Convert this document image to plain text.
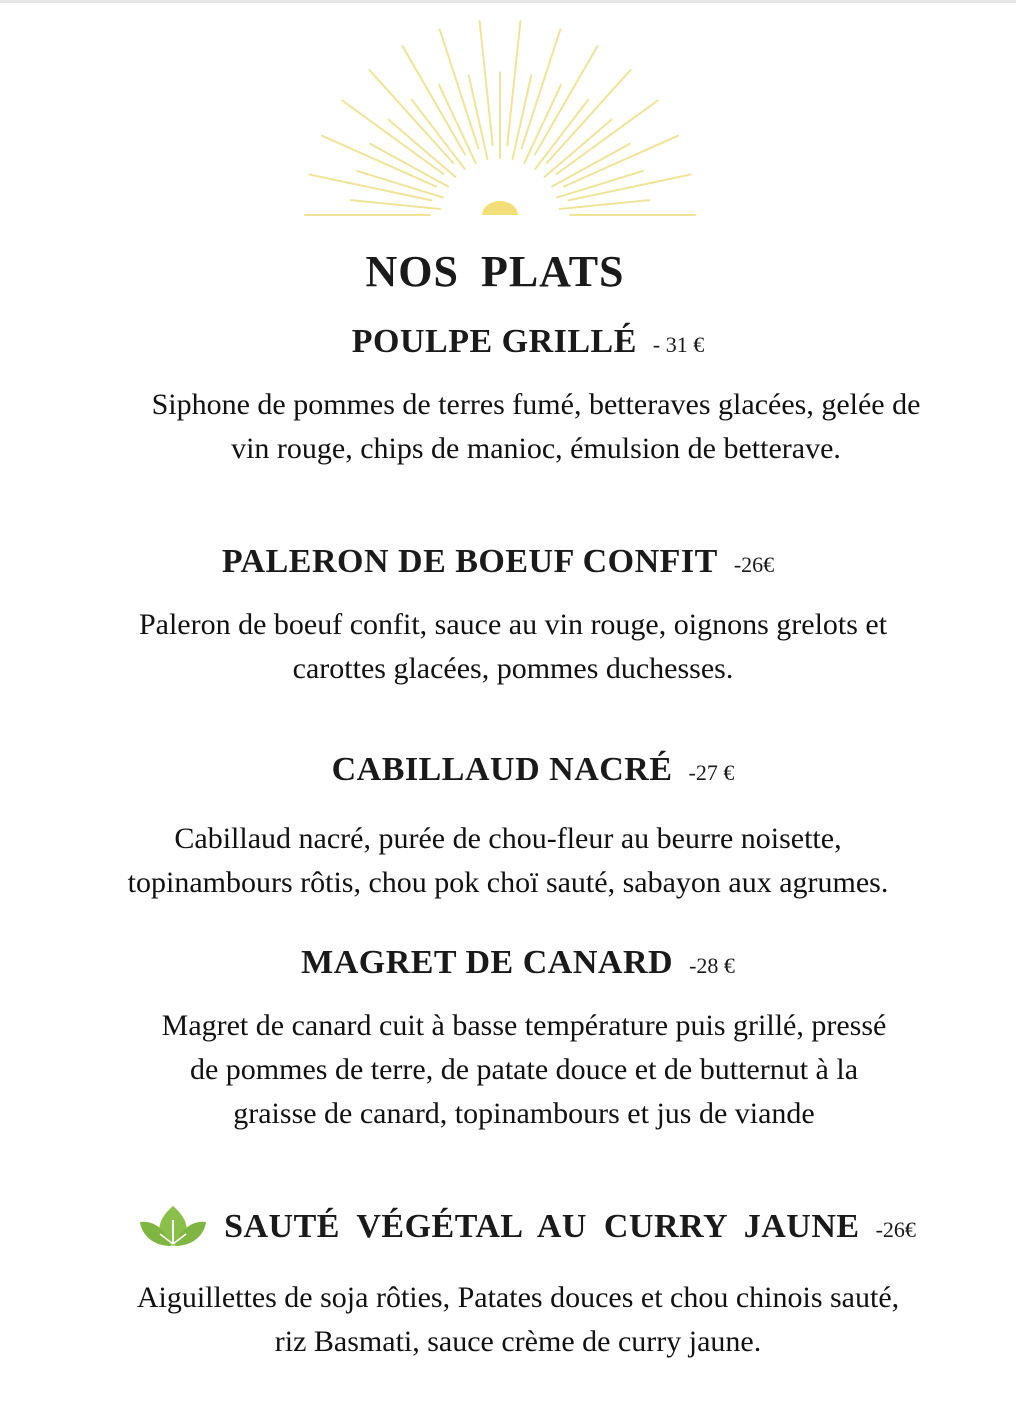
NOS PLATS
POULPE GRILLÉ - 31 €
Siphone de pommes de terres fumé, betteraves glacées, gelée de
vin rouge, chips de manioc, émulsion de betterave.
PALERON DE BOEUF CONFIT -26€
Paleron de boeuf confit, sauce au vin rouge, oignons grelots et
carottes glacées, pommes duchesses.
CABILLAUD NACRÉ -27 €
Cabillaud nacré, purée de chou-fleur au beurre noisette,
topinambours rôtis, chou pok choï sauté, sabayon aux agrumes.
MAGRET DE CANARD -28 €
Magret de canard cuit à basse température puis grillé, pressé
de pommes de terre, de patate douce et de butternut à la
graisse de canard, topinambours et jus de viande
SAUTÉ VÉGÉTAL AU CURRY JAUNE -26€
Aiguillettes de soja rôties, Patates douces et chou chinois sauté,
riz Basmati, sauce crème de curry jaune.
